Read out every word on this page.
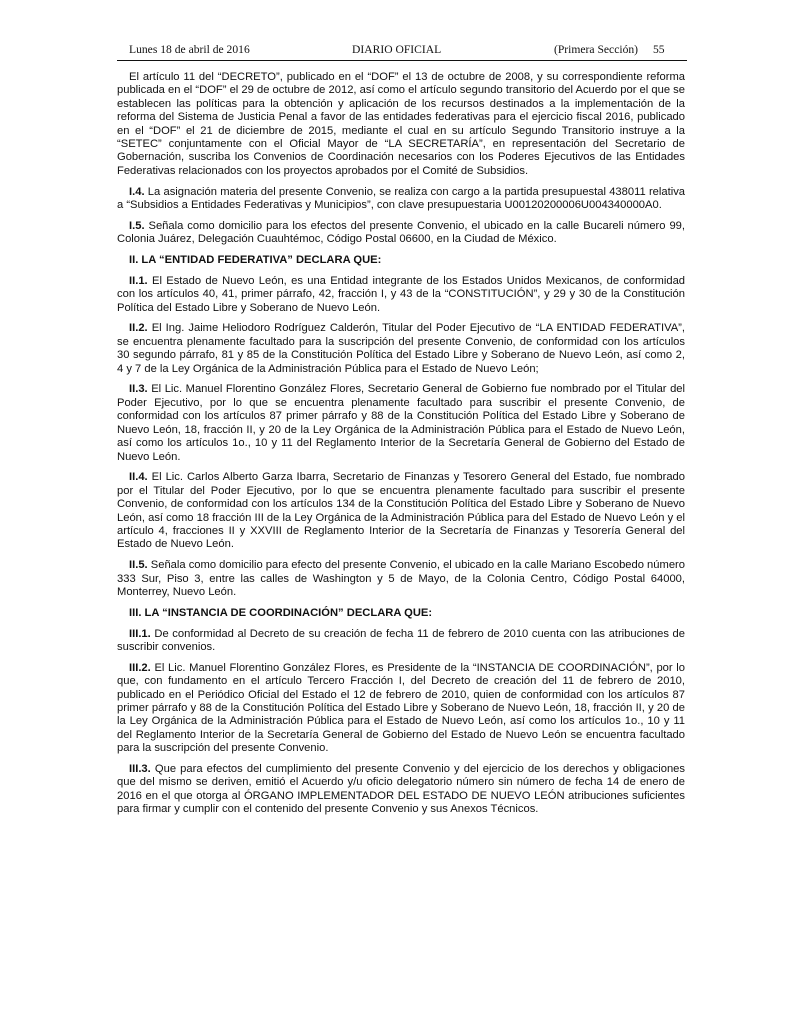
Lunes 18 de abril de 2016	DIARIO OFICIAL	(Primera Sección) 55

El artículo 11 del “DECRETO”, publicado en el “DOF” el 13 de octubre de 2008, y su correspondiente reforma publicada en el “DOF” el 29 de octubre de 2012, así como el artículo segundo transitorio del Acuerdo por el que se establecen las políticas para la obtención y aplicación de los recursos destinados a la implementación de la reforma del Sistema de Justicia Penal a favor de las entidades federativas para el ejercicio fiscal 2016, publicado en el “DOF” el 21 de diciembre de 2015, mediante el cual en su artículo Segundo Transitorio instruye a la “SETEC” conjuntamente con el Oficial Mayor de “LA SECRETARÍA”, en representación del Secretario de Gobernación, suscriba los Convenios de Coordinación necesarios con los Poderes Ejecutivos de las Entidades Federativas relacionados con los proyectos aprobados por el Comité de Subsidios.

I.4. La asignación materia del presente Convenio, se realiza con cargo a la partida presupuestal 438011 relativa a “Subsidios a Entidades Federativas y Municipios”, con clave presupuestaria U00120200006U004340000A0.

I.5. Señala como domicilio para los efectos del presente Convenio, el ubicado en la calle Bucareli número 99, Colonia Juárez, Delegación Cuauhtémoc, Código Postal 06600, en la Ciudad de México.

II. LA “ENTIDAD FEDERATIVA” DECLARA QUE:

II.1. El Estado de Nuevo León, es una Entidad integrante de los Estados Unidos Mexicanos, de conformidad con los artículos 40, 41, primer párrafo, 42, fracción I, y 43 de la “CONSTITUCIÓN”, y 29 y 30 de la Constitución Política del Estado Libre y Soberano de Nuevo León.

II.2. El Ing. Jaime Heliodoro Rodríguez Calderón, Titular del Poder Ejecutivo de “LA ENTIDAD FEDERATIVA”, se encuentra plenamente facultado para la suscripción del presente Convenio, de conformidad con los artículos 30 segundo párrafo, 81 y 85 de la Constitución Política del Estado Libre y Soberano de Nuevo León, así como 2, 4 y 7 de la Ley Orgánica de la Administración Pública para el Estado de Nuevo León;

II.3. El Lic. Manuel Florentino González Flores, Secretario General de Gobierno fue nombrado por el Titular del Poder Ejecutivo, por lo que se encuentra plenamente facultado para suscribir el presente Convenio, de conformidad con los artículos 87 primer párrafo y 88 de la Constitución Política del Estado Libre y Soberano de Nuevo León, 18, fracción II, y 20 de la Ley Orgánica de la Administración Pública para el Estado de Nuevo León, así como los artículos 1o., 10 y 11 del Reglamento Interior de la Secretaría General de Gobierno del Estado de Nuevo León.

II.4. El Lic. Carlos Alberto Garza Ibarra, Secretario de Finanzas y Tesorero General del Estado, fue nombrado por el Titular del Poder Ejecutivo, por lo que se encuentra plenamente facultado para suscribir el presente Convenio, de conformidad con los artículos 134 de la Constitución Política del Estado Libre y Soberano de Nuevo León, así como 18 fracción III de la Ley Orgánica de la Administración Pública para del Estado de Nuevo León y el artículo 4, fracciones II y XXVIII de Reglamento Interior de la Secretaría de Finanzas y Tesorería General del Estado de Nuevo León.

II.5. Señala como domicilio para efecto del presente Convenio, el ubicado en la calle Mariano Escobedo número 333 Sur, Piso 3, entre las calles de Washington y 5 de Mayo, de la Colonia Centro, Código Postal 64000, Monterrey, Nuevo León.

III. LA “INSTANCIA DE COORDINACIÓN” DECLARA QUE:

III.1. De conformidad al Decreto de su creación de fecha 11 de febrero de 2010 cuenta con las atribuciones de suscribir convenios.

III.2. El Lic. Manuel Florentino González Flores, es Presidente de la “INSTANCIA DE COORDINACIÓN”, por lo que, con fundamento en el artículo Tercero Fracción I, del Decreto de creación del 11 de febrero de 2010, publicado en el Periódico Oficial del Estado el 12 de febrero de 2010, quien de conformidad con los artículos 87 primer párrafo y 88 de la Constitución Política del Estado Libre y Soberano de Nuevo León, 18, fracción II, y 20 de la Ley Orgánica de la Administración Pública para el Estado de Nuevo León, así como los artículos 1o., 10 y 11 del Reglamento Interior de la Secretaría General de Gobierno del Estado de Nuevo León se encuentra facultado para la suscripción del presente Convenio.

III.3. Que para efectos del cumplimiento del presente Convenio y del ejercicio de los derechos y obligaciones que del mismo se deriven, emitió el Acuerdo y/u oficio delegatorio número sin número de fecha 14 de enero de 2016 en el que otorga al ÓRGANO IMPLEMENTADOR DEL ESTADO DE NUEVO LEÓN atribuciones suficientes para firmar y cumplir con el contenido del presente Convenio y sus Anexos Técnicos.
